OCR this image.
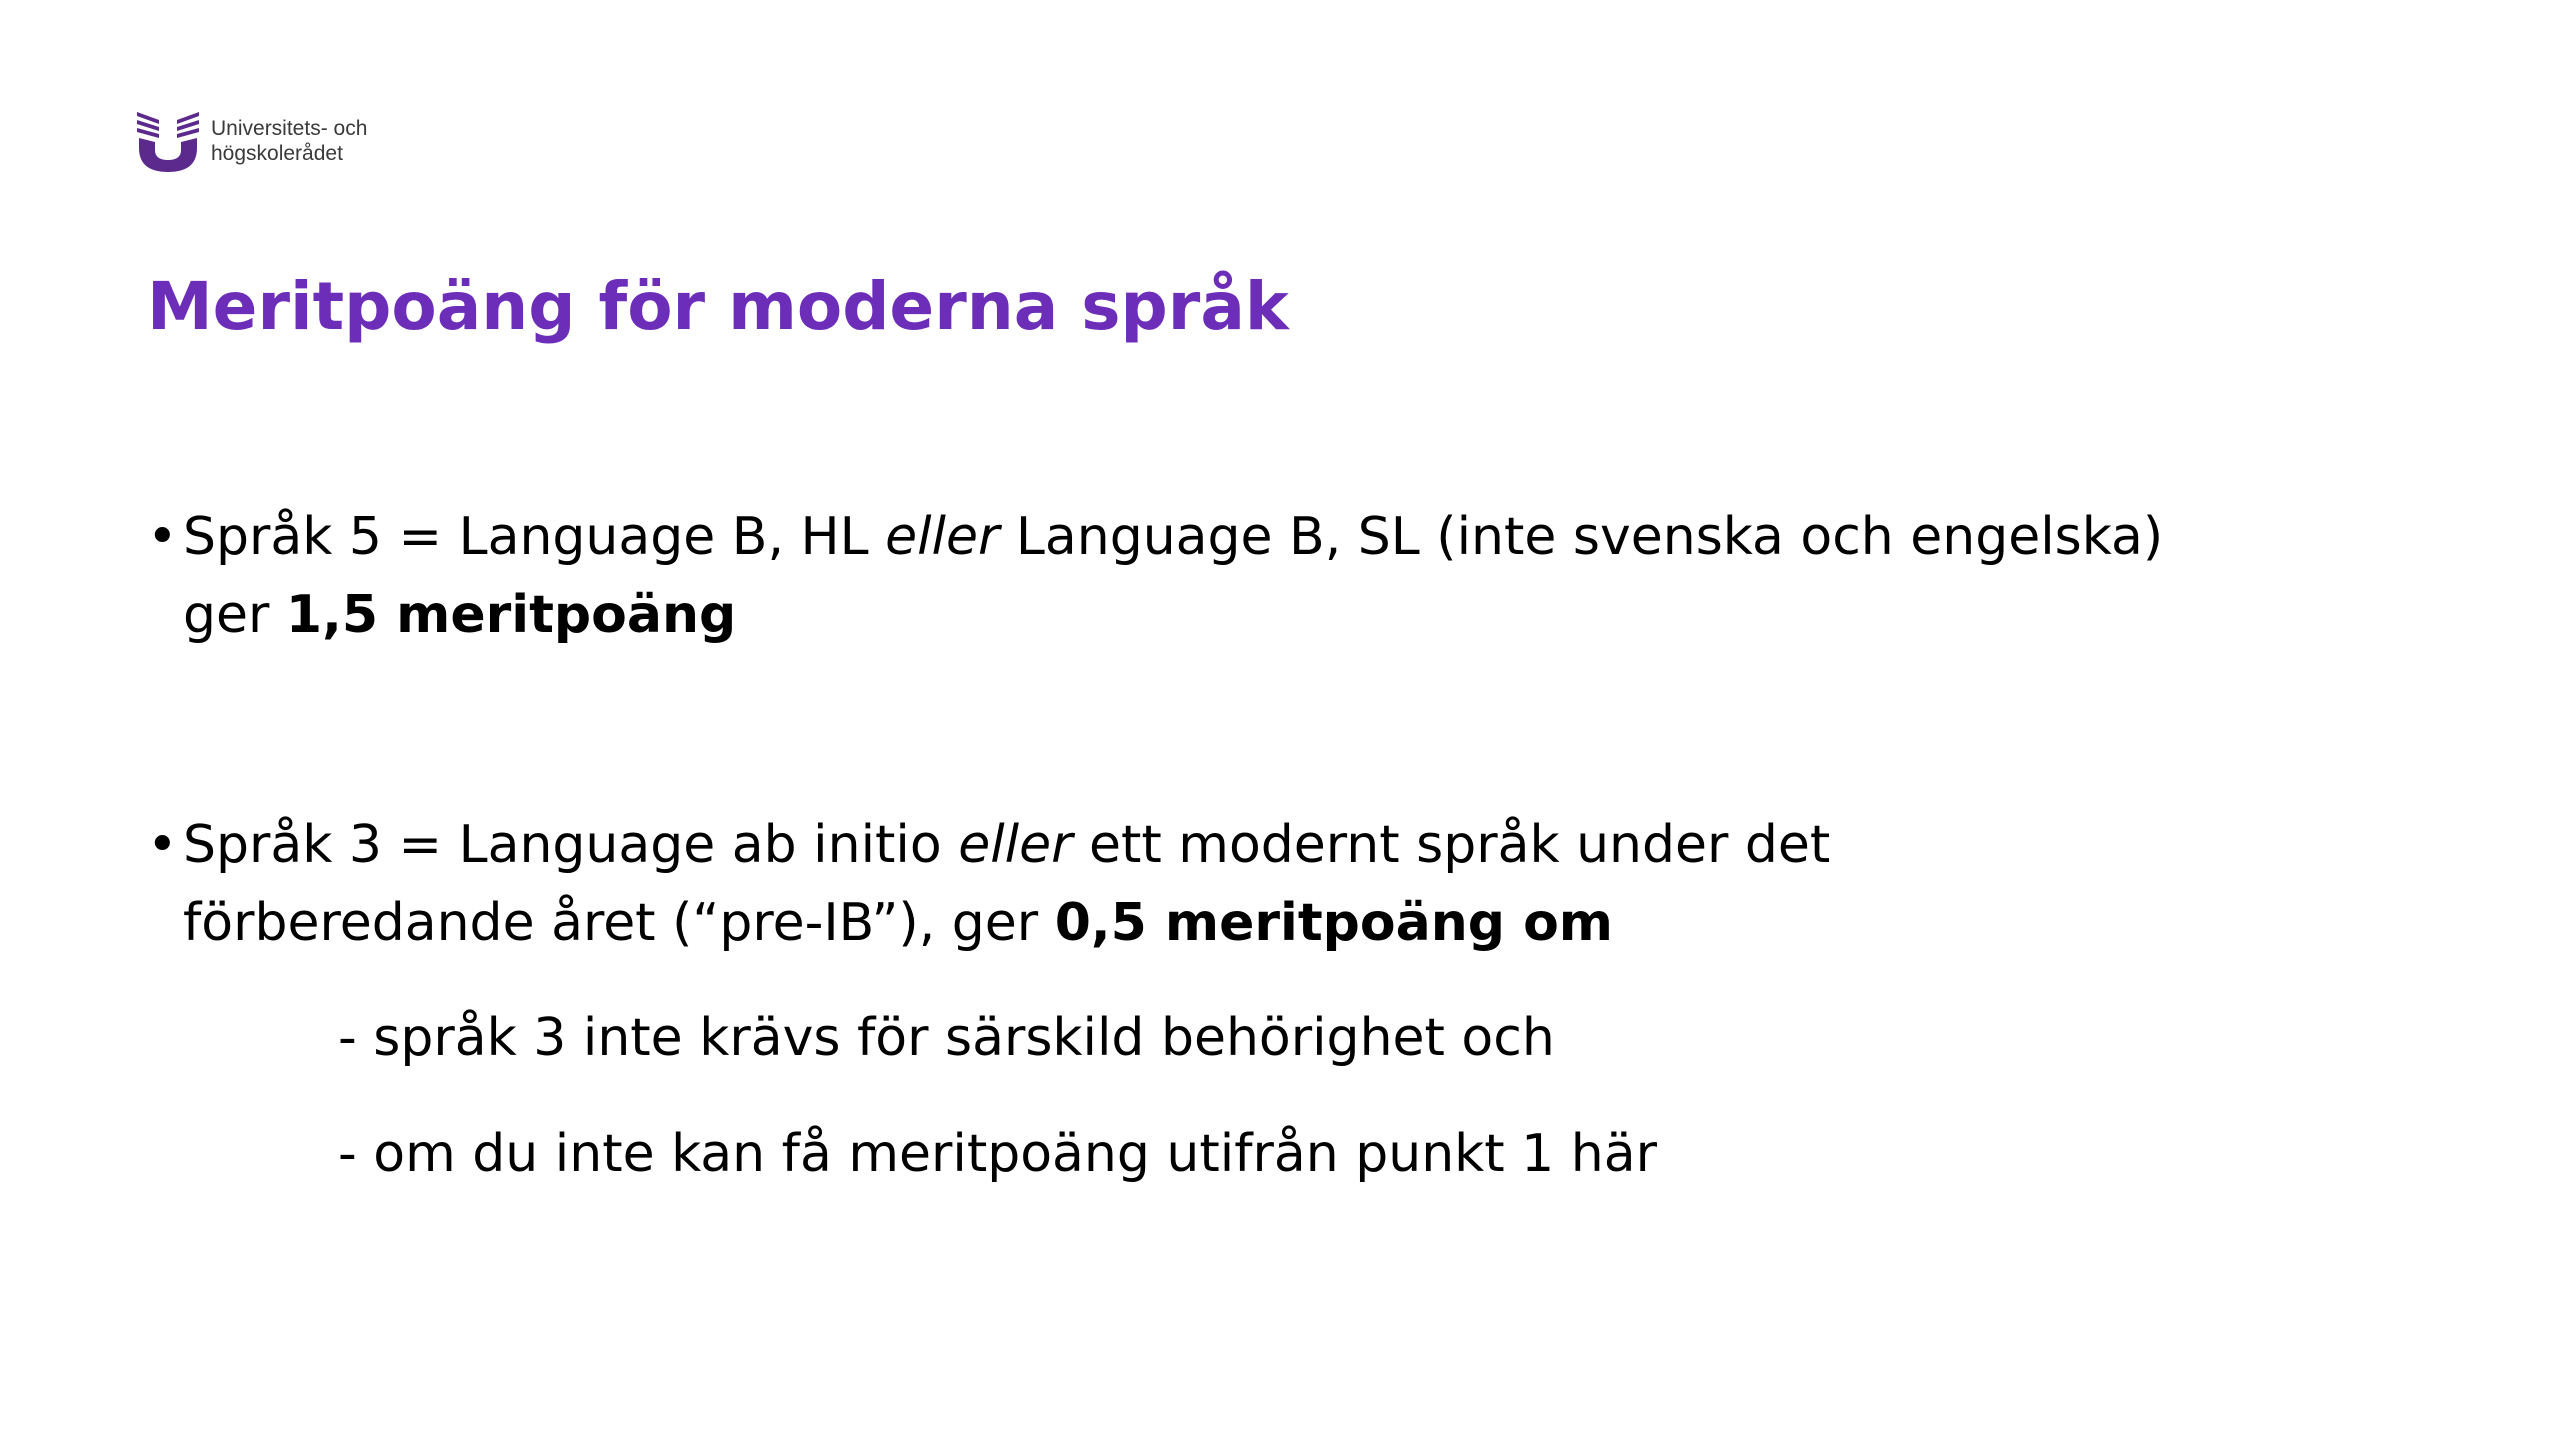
Universitets- och
högskolerådet
Meritpoäng för moderna språk
• Språk 5 = Language B, HL eller Language B, SL (inte svenska och engelska)
ger 1,5 meritpoäng
• Språk 3 = Language ab initio eller ett modernt språk under det
förberedande året (“pre-IB”), ger 0,5 meritpoäng om
- språk 3 inte krävs för särskild behörighet och
- om du inte kan få meritpoäng utifrån punkt 1 här
